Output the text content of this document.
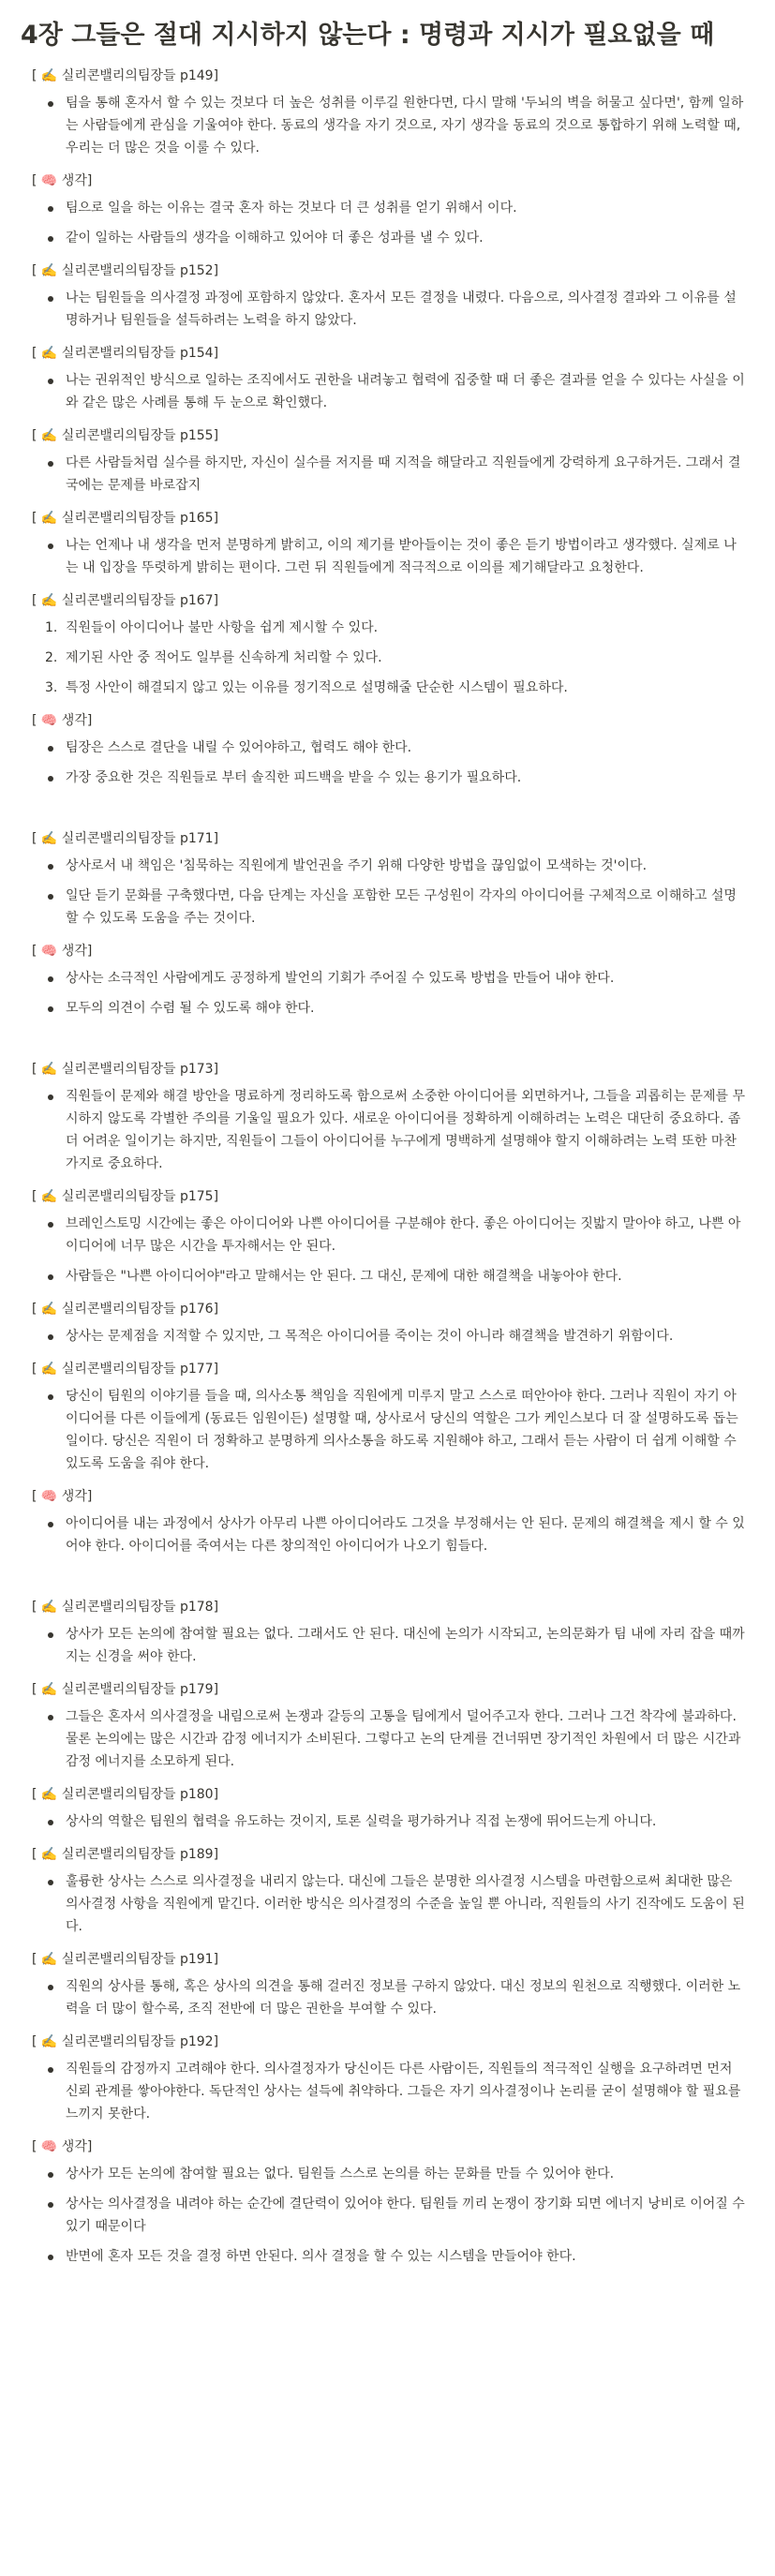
4장 그들은 절대 지시하지 않는다 : 명령과 지시가 필요없을 때
[ ✍️ 실리콘밸리의팀장들 p149]
팀을 통해 혼자서 할 수 있는 것보다 더 높은 성취를 이루길 원한다면, 다시 말해 '두뇌의 벽을 허물고 싶다면', 함께 일하는 사람들에게 관심을 기울여야 한다. 동료의 생각을 자기 것으로, 자기 생각을 동료의 것으로 통합하기 위해 노력할 때, 우리는 더 많은 것을 이룰 수 있다.
[ 🧠 생각]
팀으로 일을 하는 이유는 결국 혼자 하는 것보다 더 큰 성취를 얻기 위해서 이다.
같이 일하는 사람들의 생각을 이해하고 있어야 더 좋은 성과를 낼 수 있다.
[ ✍️ 실리콘밸리의팀장들 p152]
나는 팀원들을 의사결정 과정에 포함하지 않았다. 혼자서 모든 결정을 내렸다. 다음으로, 의사결정 결과와 그 이유를 설명하거나 팀원들을 설득하려는 노력을 하지 않았다.
[ ✍️ 실리콘밸리의팀장들 p154]
나는 권위적인 방식으로 일하는 조직에서도 권한을 내려놓고 협력에 집중할 때 더 좋은 결과를 얻을 수 있다는 사실을 이와 같은 많은 사례를 통해 두 눈으로 확인했다.
[ ✍️ 실리콘밸리의팀장들 p155]
다른 사람들처럼 실수를 하지만, 자신이 실수를 저지를 때 지적을 해달라고 직원들에게 강력하게 요구하거든. 그래서 결국에는 문제를 바로잡지
[ ✍️ 실리콘밸리의팀장들 p165]
나는 언제나 내 생각을 먼저 분명하게 밝히고, 이의 제기를 받아들이는 것이 좋은 듣기 방법이라고 생각했다. 실제로 나는 내 입장을 뚜렷하게 밝히는 편이다. 그런 뒤 직원들에게 적극적으로 이의를 제기해달라고 요청한다.
[ ✍️ 실리콘밸리의팀장들 p167]
1. 직원들이 아이디어나 불만 사항을 쉽게 제시할 수 있다.
2. 제기된 사안 중 적어도 일부를 신속하게 처리할 수 있다.
3. 특정 사안이 해결되지 않고 있는 이유를 정기적으로 설명해줄 단순한 시스템이 필요하다.
[ 🧠 생각]
팀장은 스스로 결단을 내릴 수 있어야하고, 협력도 해야 한다.
가장 중요한 것은 직원들로 부터 솔직한 피드백을 받을 수 있는 용기가 필요하다.
[ ✍️ 실리콘밸리의팀장들 p171]
상사로서 내 책임은 '침묵하는 직원에게 발언권을 주기 위해 다양한 방법을 끊임없이 모색하는 것'이다.
일단 듣기 문화를 구축했다면, 다음 단계는 자신을 포함한 모든 구성원이 각자의 아이디어를 구체적으로 이해하고 설명할 수 있도록 도움을 주는 것이다.
[ 🧠 생각]
상사는 소극적인 사람에게도 공정하게 발언의 기회가 주어질 수 있도록 방법을 만들어 내야 한다.
모두의 의견이 수렴 될 수 있도록 해야 한다.
[ ✍️ 실리콘밸리의팀장들 p173]
직원들이 문제와 해결 방안을 명료하게 정리하도록 함으로써 소중한 아이디어를 외면하거나, 그들을 괴롭히는 문제를 무시하지 않도록 각별한 주의를 기울일 필요가 있다. 새로운 아이디어를 정확하게 이해하려는 노력은 대단히 중요하다. 좀 더 어려운 일이기는 하지만, 직원들이 그들이 아이디어를 누구에게 명백하게 설명해야 할지 이해하려는 노력 또한 마찬가지로 중요하다.
[ ✍️ 실리콘밸리의팀장들 p175]
브레인스토밍 시간에는 좋은 아이디어와 나쁜 아이디어를 구분해야 한다. 좋은 아이디어는 짓밟지 말아야 하고, 나쁜 아이디어에 너무 많은 시간을 투자해서는 안 된다.
사람들은 "나쁜 아이디어야"라고 말해서는 안 된다. 그 대신, 문제에 대한 해결책을 내놓아야 한다.
[ ✍️ 실리콘밸리의팀장들 p176]
상사는 문제점을 지적할 수 있지만, 그 목적은 아이디어를 죽이는 것이 아니라 해결책을 발견하기 위함이다.
[ ✍️ 실리콘밸리의팀장들 p177]
당신이 팀원의 이야기를 들을 때, 의사소통 책임을 직원에게 미루지 말고 스스로 떠안아야 한다. 그러나 직원이 자기 아이디어를 다른 이들에게 (동료든 임원이든) 설명할 때, 상사로서 당신의 역할은 그가 케인스보다 더 잘 설명하도록 돕는 일이다. 당신은 직원이 더 정확하고 분명하게 의사소통을 하도록 지원해야 하고, 그래서 듣는 사람이 더 쉽게 이해할 수 있도록 도움을 줘야 한다.
[ 🧠 생각]
아이디어를 내는 과정에서 상사가 아무리 나쁜 아이디어라도 그것을 부정해서는 안 된다. 문제의 해결책을 제시 할 수 있어야 한다. 아이디어를 죽여서는 다른 창의적인 아이디어가 나오기 힘들다.
[ ✍️ 실리콘밸리의팀장들 p178]
상사가 모든 논의에 참여할 필요는 없다. 그래서도 안 된다. 대신에 논의가 시작되고, 논의문화가 팀 내에 자리 잡을 때까지는 신경을 써야 한다.
[ ✍️ 실리콘밸리의팀장들 p179]
그들은 혼자서 의사결정을 내림으로써 논쟁과 갈등의 고통을 팀에게서 덜어주고자 한다. 그러나 그건 착각에 불과하다. 물론 논의에는 많은 시간과 감정 에너지가 소비된다. 그렇다고 논의 단계를 건너뛰면 장기적인 차원에서 더 많은 시간과 감정 에너지를 소모하게 된다.
[ ✍️ 실리콘밸리의팀장들 p180]
상사의 역할은 팀원의 협력을 유도하는 것이지, 토론 실력을 평가하거나 직접 논쟁에 뛰어드는게 아니다.
[ ✍️ 실리콘밸리의팀장들 p189]
훌륭한 상사는 스스로 의사결정을 내리지 않는다. 대신에 그들은 분명한 의사결정 시스템을 마련함으로써 최대한 많은 의사결정 사항을 직원에게 맡긴다. 이러한 방식은 의사결정의 수준을 높일 뿐 아니라, 직원들의 사기 진작에도 도움이 된다.
[ ✍️ 실리콘밸리의팀장들 p191]
직원의 상사를 통해, 혹은 상사의 의견을 통해 걸러진 정보를 구하지 않았다. 대신 정보의 원천으로 직행했다. 이러한 노력을 더 많이 할수록, 조직 전반에 더 많은 권한을 부여할 수 있다.
[ ✍️ 실리콘밸리의팀장들 p192]
직원들의 감정까지 고려해야 한다. 의사결정자가 당신이든 다른 사람이든, 직원들의 적극적인 실행을 요구하려면 먼저 신뢰 관계를 쌓아야한다. 독단적인 상사는 설득에 취약하다. 그들은 자기 의사결정이나 논리를 굳이 설명해야 할 필요를 느끼지 못한다.
[ 🧠 생각]
상사가 모든 논의에 참여할 필요는 없다. 팀원들 스스로 논의를 하는 문화를 만들 수 있어야 한다.
상사는 의사결정을 내려야 하는 순간에 결단력이 있어야 한다. 팀원들 끼리 논쟁이 장기화 되면 에너지 낭비로 이어질 수 있기 때문이다
반면에 혼자 모든 것을 결정 하면 안된다. 의사 결정을 할 수 있는 시스템을 만들어야 한다.
